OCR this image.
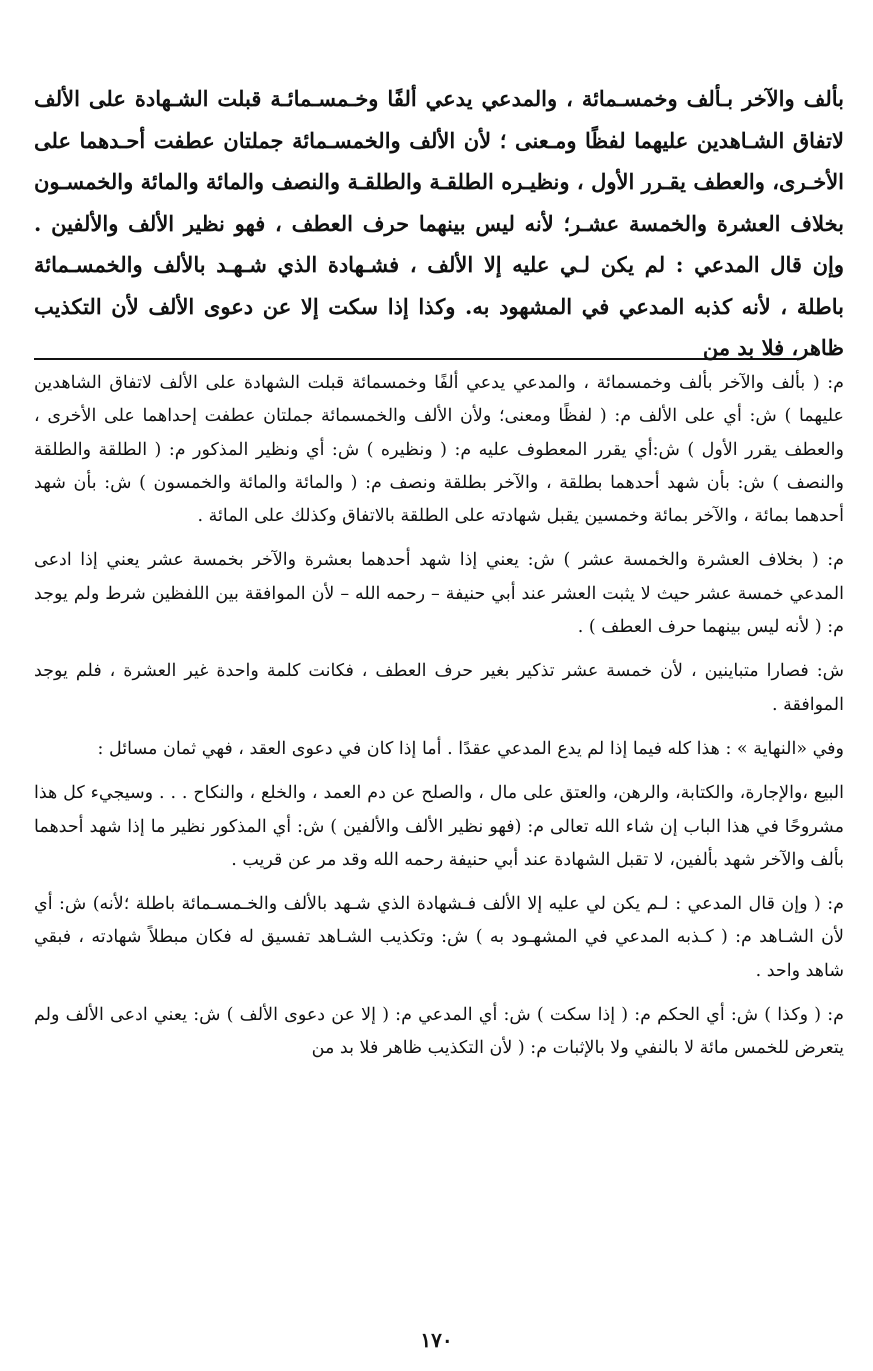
بألف والآخر بـألف وخمسـمائة ، والمدعي يدعي ألفًا وخـمسـمائـة قبلت الشـهادة على الألف لاتفاق الشـاهدين عليهما لفظًا ومـعنى ؛ لأن الألف والخمسـمائة جملتان عطفت أحـدهما على الأخـرى، والعطف يقـرر الأول ، ونظيـره الطلقـة والطلقـة والنصف والمائة والمائة والخمسـون بخلاف العشرة والخمسة عشـر؛ لأنه ليس بينهما حرف العطف ، فهو نظير الألف والألفين . وإن قال المدعي : لم يكن لـي عليه إلا الألف ، فشـهادة الذي شـهـد بالألف والخمسـمائة باطلة ، لأنه كذبه المدعي في المشهود به. وكذا إذا سكت إلا عن دعوى الألف لأن التكذيب ظاهر، فلا بد من

م: ( بألف والآخر بألف وخمسمائة ، والمدعي يدعي ألفًا وخمسمائة قبلت الشهادة على الألف لاتفاق الشاهدين عليهما ) ش: أي على الألف م: ( لفظًا ومعنى؛ ولأن الألف والخمسمائة جملتان عطفت إحداهما على الأخرى ، والعطف يقرر الأول ) ش:أي يقرر المعطوف عليه م: ( ونظيره ) ش: أي ونظير المذكور م: ( الطلقة والطلقة والنصف ) ش: بأن شهد أحدهما بطلقة ، والآخر بطلقة ونصف م: ( والمائة والمائة والخمسون ) ش: بأن شهد أحدهما بمائة ، والآخر بمائة وخمسين يقبل شهادته على الطلقة بالاتفاق وكذلك على المائة .

م: ( بخلاف العشرة والخمسة عشر ) ش: يعني إذا شهد أحدهما بعشرة والآخر بخمسة عشر يعني إذا ادعى المدعي خمسة عشر حيث لا يثبت العشر عند أبي حنيفة – رحمه الله – لأن الموافقة بين اللفظين شرط ولم يوجد م: ( لأنه ليس بينهما حرف العطف ) .

ش: فصارا متباينين ، لأن خمسة عشر تذكير بغير حرف العطف ، فكانت كلمة واحدة غير العشرة ، فلم يوجد الموافقة .

وفي «النهاية » : هذا كله فيما إذا لم يدع المدعي عقدًا . أما إذا كان في دعوى العقد ، فهي ثمان مسائل :

البيع ،والإجارة، والكتابة، والرهن، والعتق على مال ، والصلح عن دم العمد ، والخلع ، والنكاح . . . وسيجيء كل هذا مشروحًا في هذا الباب إن شاء الله تعالى م: (فهو نظير الألف والألفين ) ش: أي المذكور نظير ما إذا شهد أحدهما بألف والآخر شهد بألفين، لا تقبل الشهادة عند أبي حنيفة رحمه الله وقد مر عن قريب .

م: ( وإن قال المدعي : لـم يكن لي عليه إلا الألف فـشهادة الذي شـهد بالألف والخـمسـمائة باطلة ؛لأنه) ش: أي لأن الشـاهد م: ( كـذبه المدعي في المشهـود به ) ش: وتكذيب الشـاهد تفسيق له فكان مبطلاً شهادته ، فبقي شاهد واحد .

م: ( وكذا ) ش: أي الحكم م: ( إذا سكت ) ش: أي المدعي م: ( إلا عن دعوى الألف ) ش: يعني ادعى الألف ولم يتعرض للخمس مائة لا بالنفي ولا بالإثبات م: ( لأن التكذيب ظاهر فلا بد من

١٧٠
